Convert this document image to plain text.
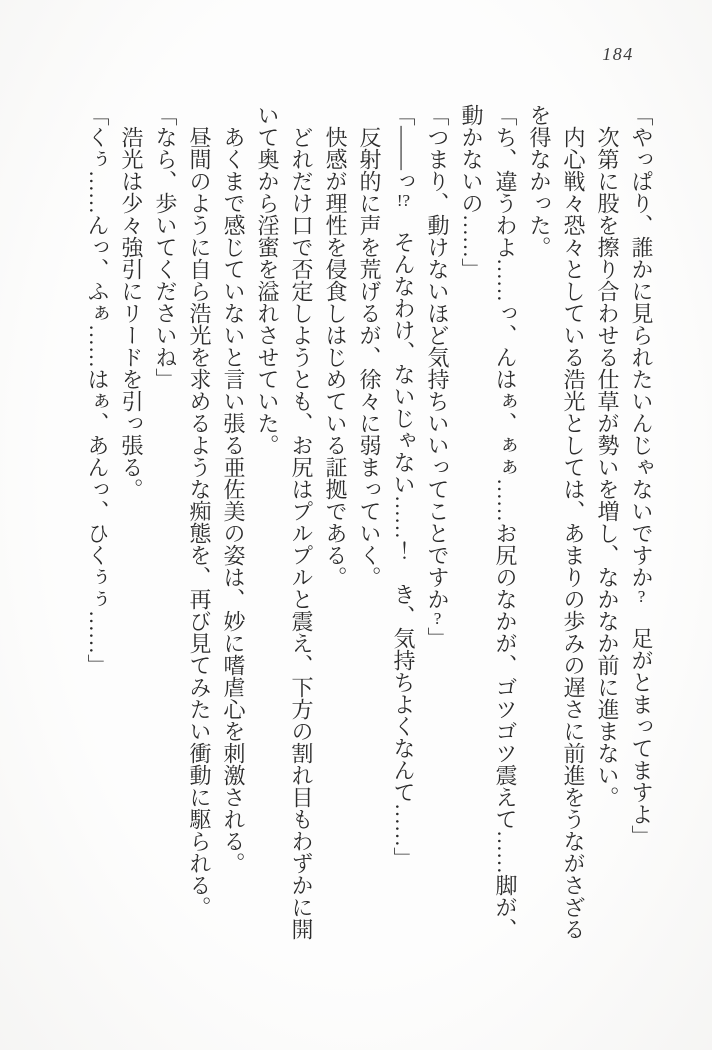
184

「やっぱり、誰かに見られたいんじゃないですか?　足がとまってますよ」

次第に股を擦り合わせる仕草が勢いを増し、なかなか前に進まない。

内心戦々恐々としている浩光としては、あまりの歩みの遅さに前進をうながさざる

を得なかった。

「ち、違うわよ……っ、んはぁ、ぁぁ……お尻のなかが、ゴツゴツ震えて……脚が、

動かないの……」

「つまり、動けないほど気持ちいいってことですか?」

「――っ!?　そんなわけ、ないじゃない……！　き、気持ちよくなんて……」

反射的に声を荒げるが、徐々に弱まっていく。

快感が理性を侵食しはじめている証拠である。

どれだけ口で否定しようとも、お尻はプルプルと震え、下方の割れ目もわずかに開

いて奥から淫蜜を溢れさせていた。

あくまで感じていないと言い張る亜佐美の姿は、妙に嗜虐心を刺激される。

昼間のように自ら浩光を求めるような痴態を、再び見てみたい衝動に駆られる。

「なら、歩いてくださいね」

浩光は少々強引にリードを引っ張る。

「くぅ……んっ、ふぁ……はぁ、あんっ、ひくぅぅ……」
